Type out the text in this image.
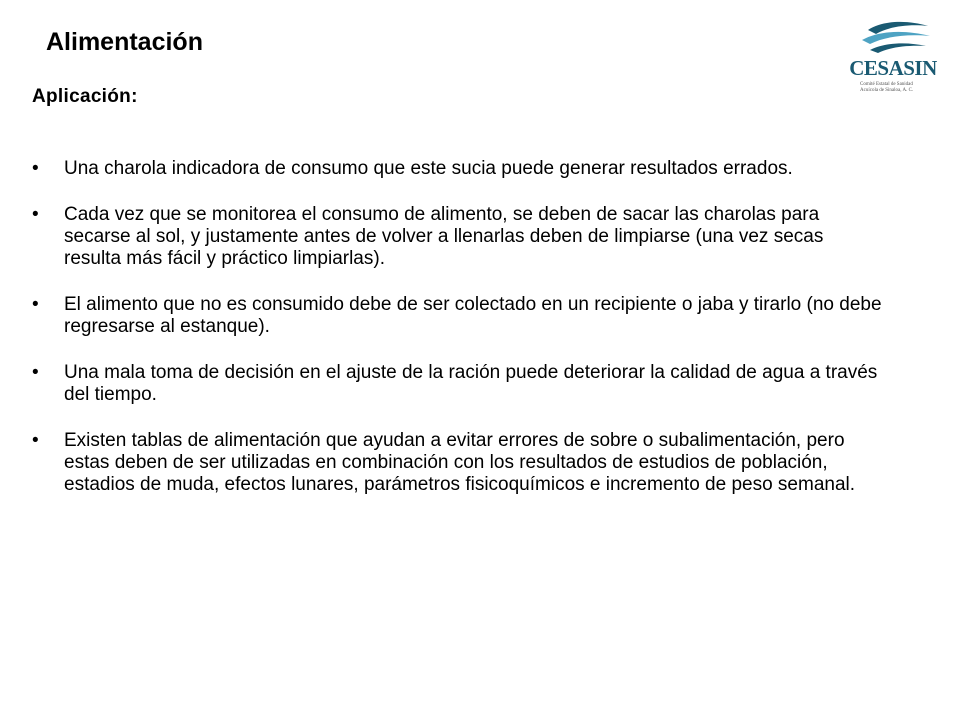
Alimentación
Aplicación:
CESASIN
Comité Estatal de Sanidad
Acuícola de Sinaloa, A. C.
• Una charola indicadora de consumo que este sucia puede generar resultados errados.
• Cada vez que se monitorea el consumo de alimento, se deben de sacar las charolas para secarse al sol, y justamente antes de volver a llenarlas deben de limpiarse (una vez secas resulta más fácil y práctico limpiarlas).
• El alimento que no es consumido debe de ser colectado en un recipiente o jaba y tirarlo (no debe regresarse al estanque).
• Una mala toma de decisión en el ajuste de la ración puede deteriorar la calidad de agua a través del tiempo.
• Existen tablas de alimentación que ayudan a evitar errores de sobre o subalimentación, pero estas deben de ser utilizadas en combinación con los resultados de estudios de población, estadios de muda, efectos lunares, parámetros fisicoquímicos e incremento de peso semanal.
